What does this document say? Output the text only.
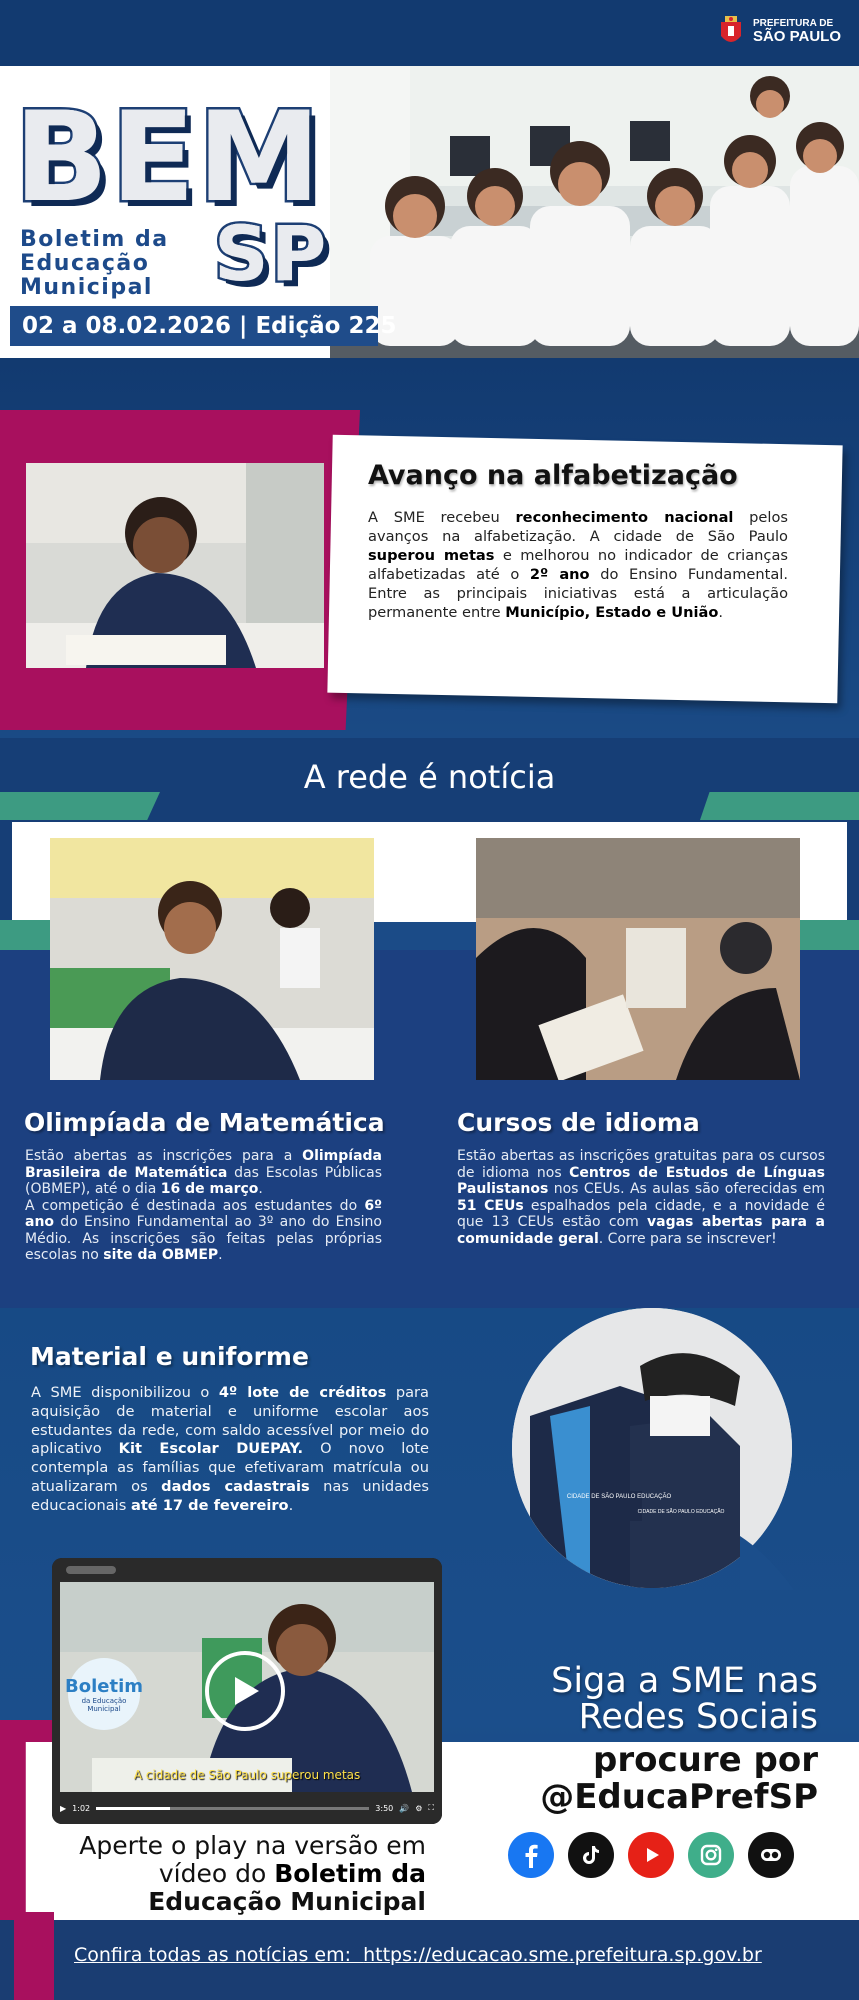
PREFEITURA DE
SÃO PAULO
BEM
SP
Boletim da
Educação
Municipal
02 a 08.02.2026 | Edição 225
Avanço na alfabetização
A SME recebeu reconhecimento nacional pelos avanços na alfabetização. A cidade de São Paulo superou metas e melhorou no indicador de crianças alfabetizadas até o 2º ano do Ensino Fundamental. Entre as principais iniciativas está a articulação permanente entre Município, Estado e União.
A rede é notícia
Olimpíada de Matemática
Estão abertas as inscrições para a Olimpíada Brasileira de Matemática das Escolas Públicas (OBMEP), até o dia 16 de março.
A competição é destinada aos estudantes do 6º ano do Ensino Fundamental ao 3º ano do Ensino Médio. As inscrições são feitas pelas próprias escolas no site da OBMEP.
Cursos de idioma
Estão abertas as inscrições gratuitas para os cursos de idioma nos Centros de Estudos de Línguas Paulistanos nos CEUs. As aulas são oferecidas em 51 CEUs espalhados pela cidade, e a novidade é que 13 CEUs estão com vagas abertas para a comunidade geral. Corre para se inscrever!
Material e uniforme
A SME disponibilizou o 4º lote de créditos para aquisição de material e uniforme escolar aos estudantes da rede, com saldo acessível por meio do aplicativo Kit Escolar DUEPAY. O novo lote contempla as famílias que efetivaram matrícula ou atualizaram os dados cadastrais nas unidades educacionais até 17 de fevereiro.	CIDADE DE SÃO PAULO EDUCAÇÃO
CIDADE DE SÃO PAULO EDUCAÇÃO
Boletim
da Educação Municipal
A cidade de São Paulo superou metas
▶ 1:02	3:50 🔊 ⚙ ⛶
Aperte o play na versão em
vídeo do Boletim da
Educação Municipal
Siga a SME nas
Redes Sociais
procure por
@EducaPrefSP
Confira todas as notícias em: https://educacao.sme.prefeitura.sp.gov.br
